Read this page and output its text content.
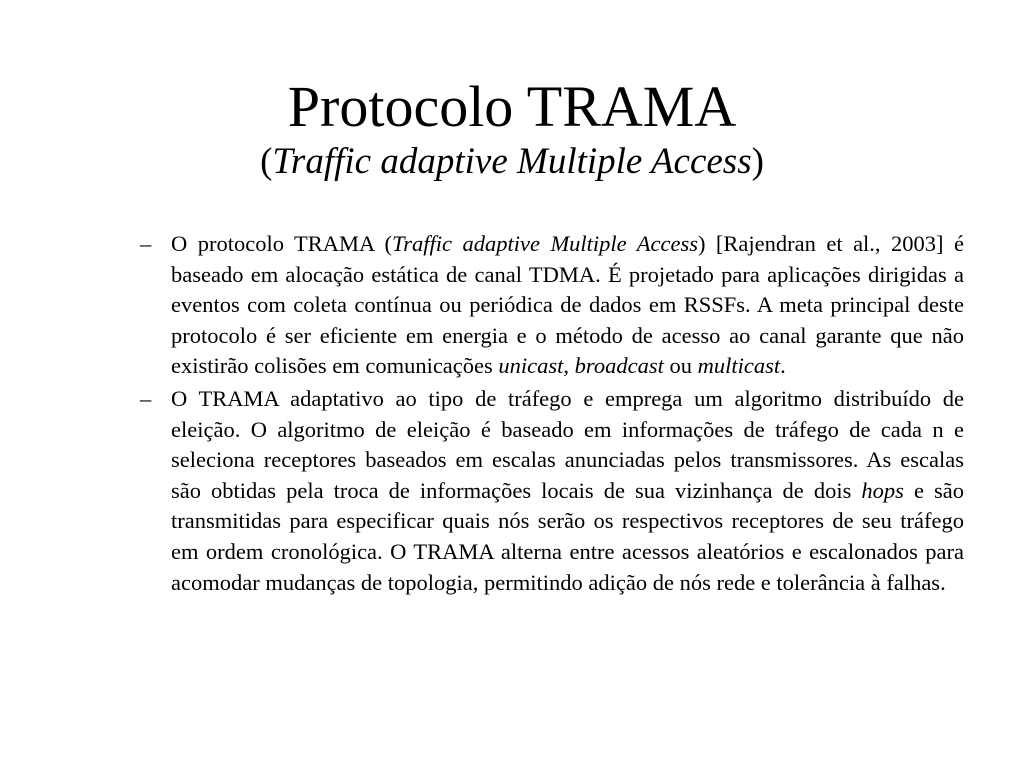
Protocolo TRAMA
(Traffic adaptive Multiple Access)
– O protocolo TRAMA (Traffic adaptive Multiple Access) [Rajendran et al., 2003] é baseado em alocação estática de canal TDMA. É projetado para aplicações dirigidas a eventos com coleta contínua ou periódica de dados em RSSFs. A meta principal deste protocolo é ser eficiente em energia e o método de acesso ao canal garante que não existirão colisões em comunicações unicast, broadcast ou multicast.
– O TRAMA adaptativo ao tipo de tráfego e emprega um algoritmo distribuído de eleição. O algoritmo de eleição é baseado em informações de tráfego de cada n e seleciona receptores baseados em escalas anunciadas pelos transmissores. As escalas são obtidas pela troca de informações locais de sua vizinhança de dois hops e são transmitidas para especificar quais nós serão os respectivos receptores de seu tráfego em ordem cronológica. O TRAMA alterna entre acessos aleatórios e escalonados para acomodar mudanças de topologia, permitindo adição de nós rede e tolerância à falhas.
